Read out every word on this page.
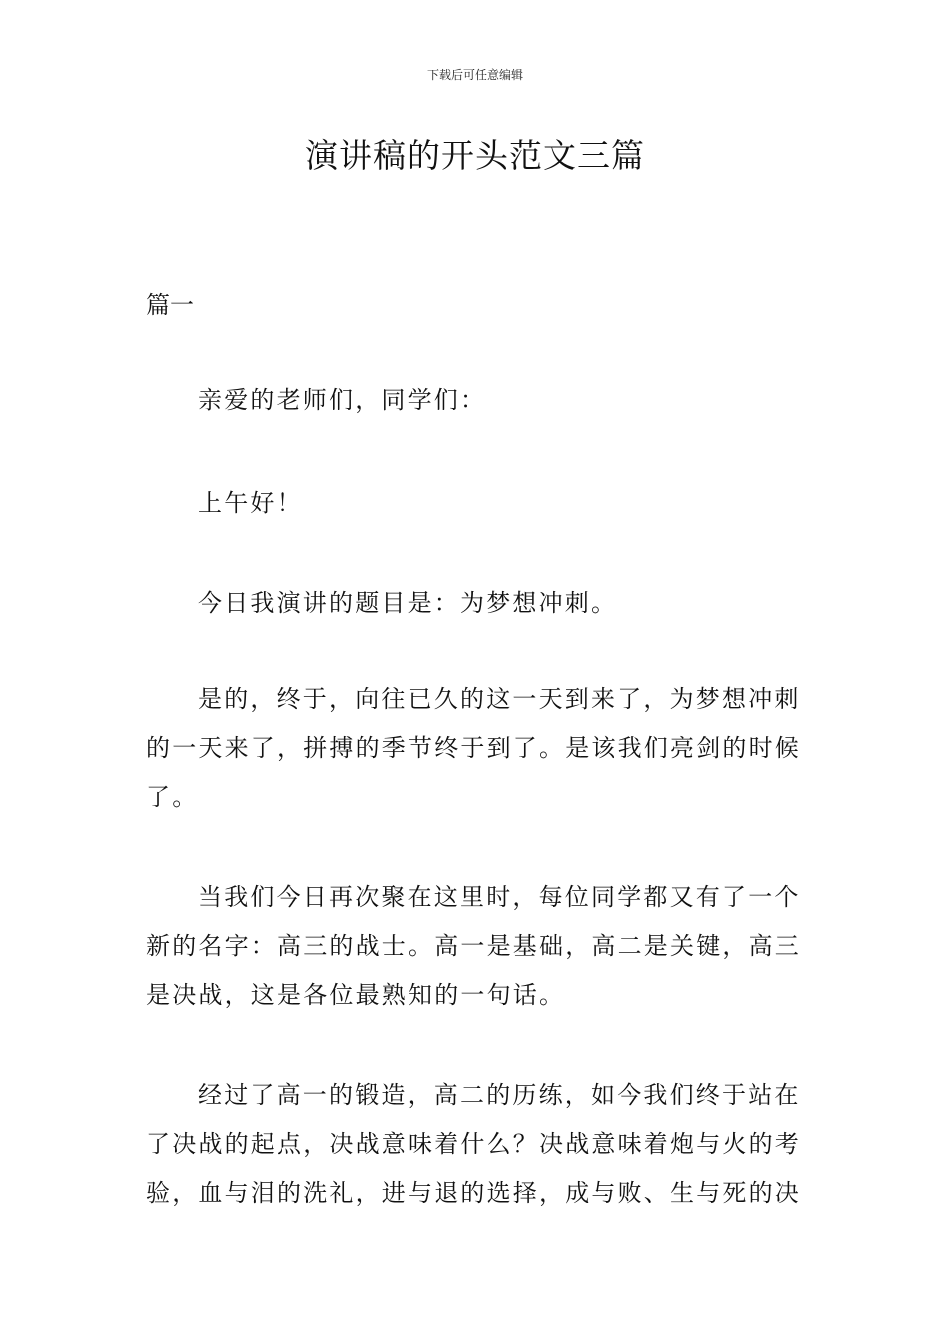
下载后可任意编辑
演讲稿的开头范文三篇
篇一

亲爱的老师们，同学们：

上午好！

今日我演讲的题目是：为梦想冲刺。

是的，终于，向往已久的这一天到来了，为梦想冲刺的一天来了，拼搏的季节终于到了。是该我们亮剑的时候了。

当我们今日再次聚在这里时，每位同学都又有了一个新的名字：高三的战士。高一是基础，高二是关键，高三是决战，这是各位最熟知的一句话。

经过了高一的锻造，高二的历练，如今我们终于站在了决战的起点，决战意味着什么？决战意味着炮与火的考验，血与泪的洗礼，进与退的选择，成与败、生与死的决
